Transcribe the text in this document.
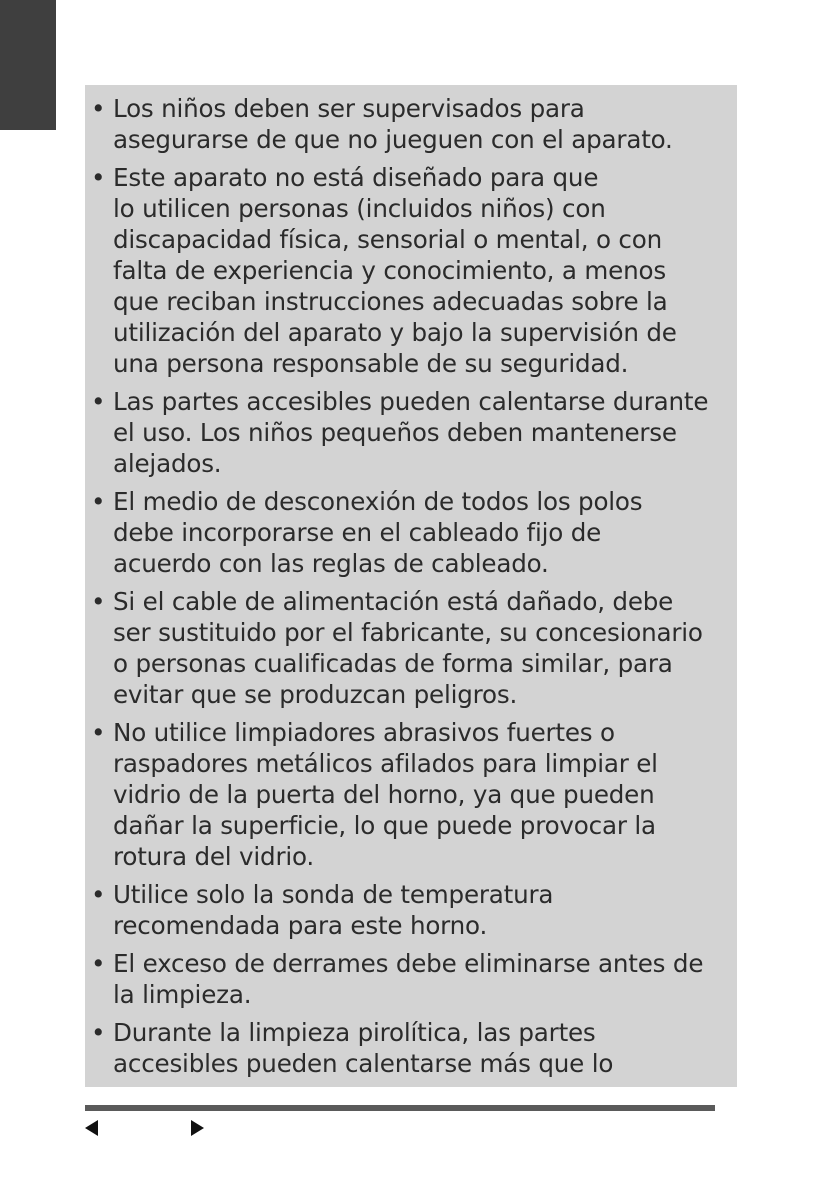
• Los niños deben ser supervisados para
asegurarse de que no jueguen con el aparato.
• Este aparato no está diseñado para que
lo utilicen personas (incluidos niños) con
discapacidad física, sensorial o mental, o con
falta de experiencia y conocimiento, a menos
que reciban instrucciones adecuadas sobre la
utilización del aparato y bajo la supervisión de
una persona responsable de su seguridad.
• Las partes accesibles pueden calentarse durante
el uso. Los niños pequeños deben mantenerse
alejados.
• El medio de desconexión de todos los polos
debe incorporarse en el cableado fijo de
acuerdo con las reglas de cableado.
• Si el cable de alimentación está dañado, debe
ser sustituido por el fabricante, su concesionario
o personas cualificadas de forma similar, para
evitar que se produzcan peligros.
• No utilice limpiadores abrasivos fuertes o
raspadores metálicos afilados para limpiar el
vidrio de la puerta del horno, ya que pueden
dañar la superficie, lo que puede provocar la
rotura del vidrio.
• Utilice solo la sonda de temperatura
recomendada para este horno.
• El exceso de derrames debe eliminarse antes de
la limpieza.
• Durante la limpieza pirolítica, las partes
accesibles pueden calentarse más que lo
